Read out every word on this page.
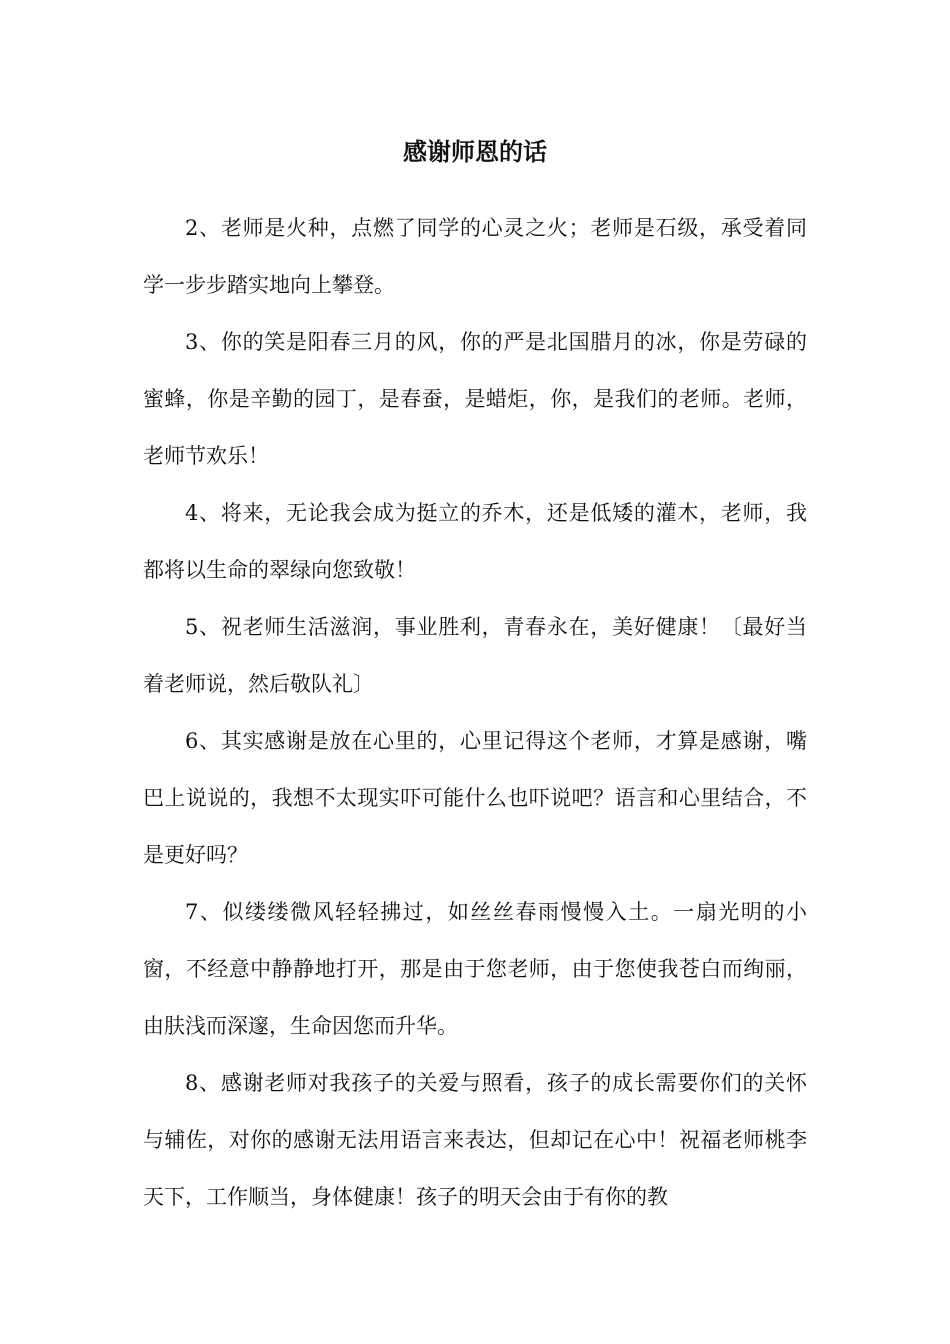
感谢师恩的话

2、老师是火种，点燃了同学的心灵之火；老师是石级，承受着同学一步步踏实地向上攀登。

3、你的笑是阳春三月的风，你的严是北国腊月的冰，你是劳碌的蜜蜂，你是辛勤的园丁，是春蚕，是蜡炬，你，是我们的老师。老师，老师节欢乐！

4、将来，无论我会成为挺立的乔木，还是低矮的灌木，老师，我都将以生命的翠绿向您致敬！

5、祝老师生活滋润，事业胜利，青春永在，美好健康！〔最好当着老师说，然后敬队礼〕

6、其实感谢是放在心里的，心里记得这个老师，才算是感谢，嘴巴上说说的，我想不太现实吓可能什么也吓说吧？语言和心里结合，不是更好吗？

7、似缕缕微风轻轻拂过，如丝丝春雨慢慢入土。一扇光明的小窗，不经意中静静地打开，那是由于您老师，由于您使我苍白而绚丽，由肤浅而深邃，生命因您而升华。

8、感谢老师对我孩子的关爱与照看，孩子的成长需要你们的关怀与辅佐，对你的感谢无法用语言来表达，但却记在心中！祝福老师桃李天下，工作顺当，身体健康！孩子的明天会由于有你的教
